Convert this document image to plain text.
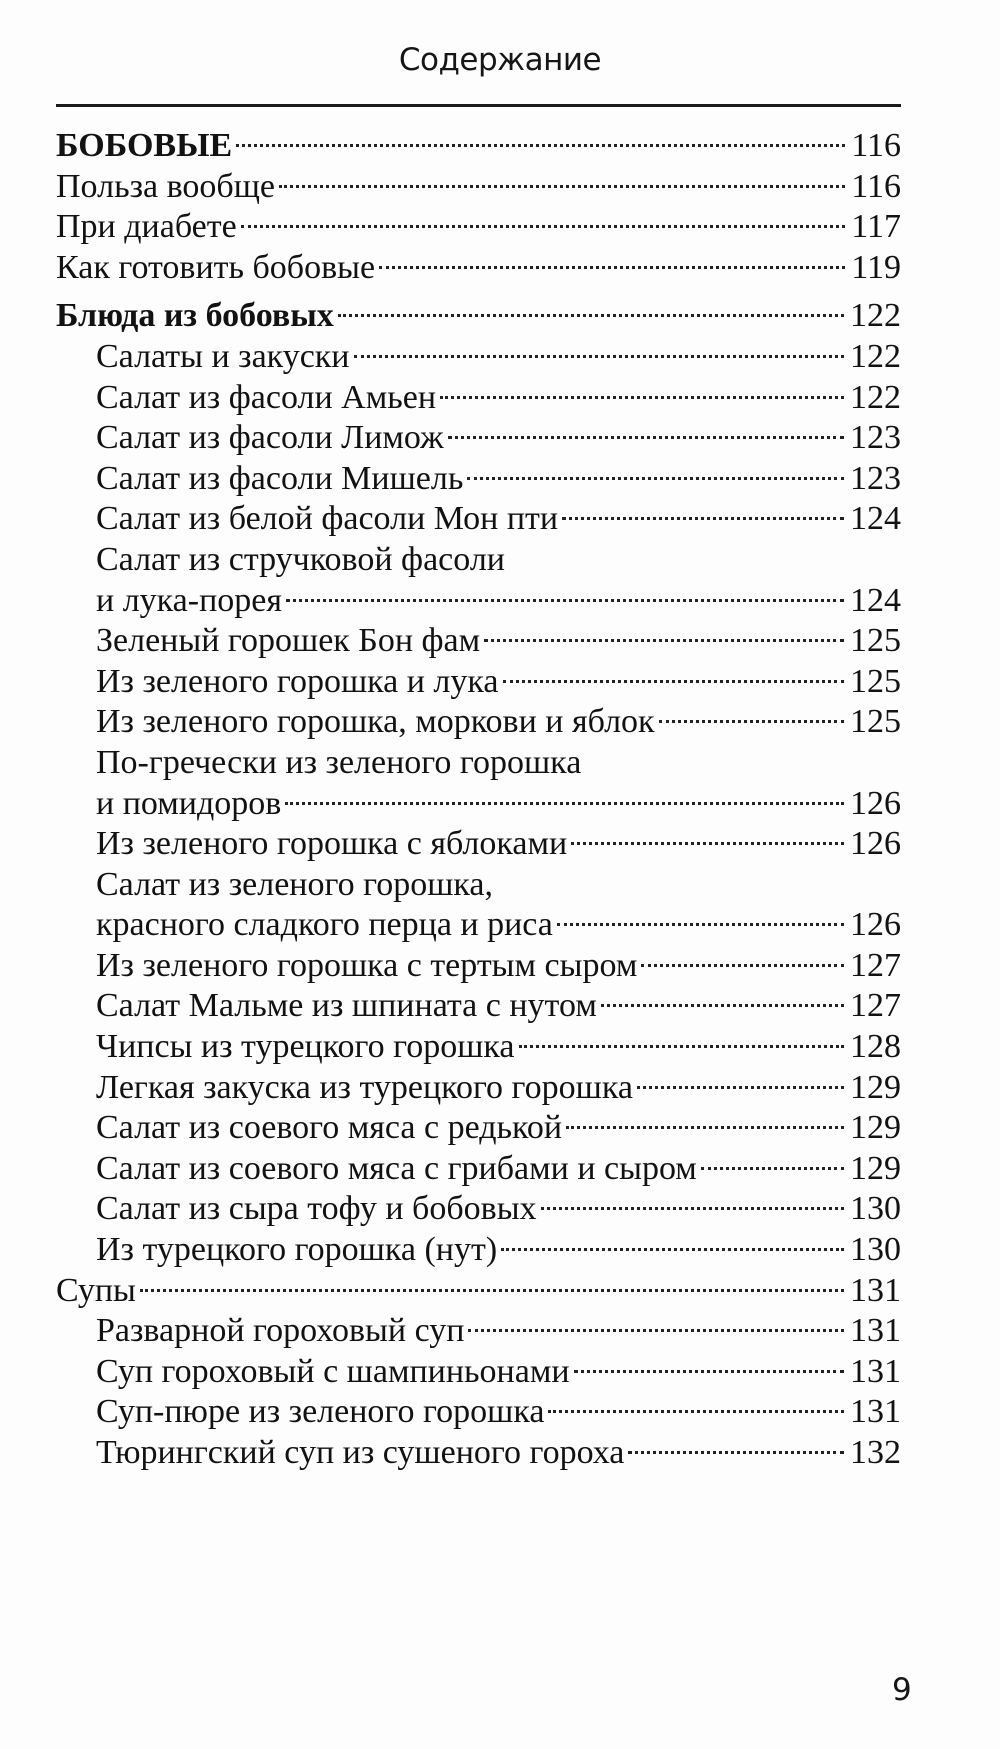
Содержание
БОБОВЫЕ	116
Польза вообще	116
При диабете	117
Как готовить бобовые	119
Блюда из бобовых	122
Салаты и закуски	122
Салат из фасоли Амьен	122
Салат из фасоли Лимож	123
Салат из фасоли Мишель	123
Салат из белой фасоли Мон пти	124
Салат из стручковой фасоли
и лука-порея	124
Зеленый горошек Бон фам	125
Из зеленого горошка и лука	125
Из зеленого горошка, моркови и яблок	125
По-гречески из зеленого горошка
и помидоров	126
Из зеленого горошка с яблоками	126
Салат из зеленого горошка,
красного сладкого перца и риса	126
Из зеленого горошка с тертым сыром	127
Салат Мальме из шпината с нутом	127
Чипсы из турецкого горошка	128
Легкая закуска из турецкого горошка	129
Салат из соевого мяса с редькой	129
Салат из соевого мяса с грибами и сыром	129
Салат из сыра тофу и бобовых	130
Из турецкого горошка (нут)	130
Супы	131
Разварной гороховый суп	131
Суп гороховый с шампиньонами	131
Суп-пюре из зеленого горошка	131
Тюрингский суп из сушеного гороха	132
9
